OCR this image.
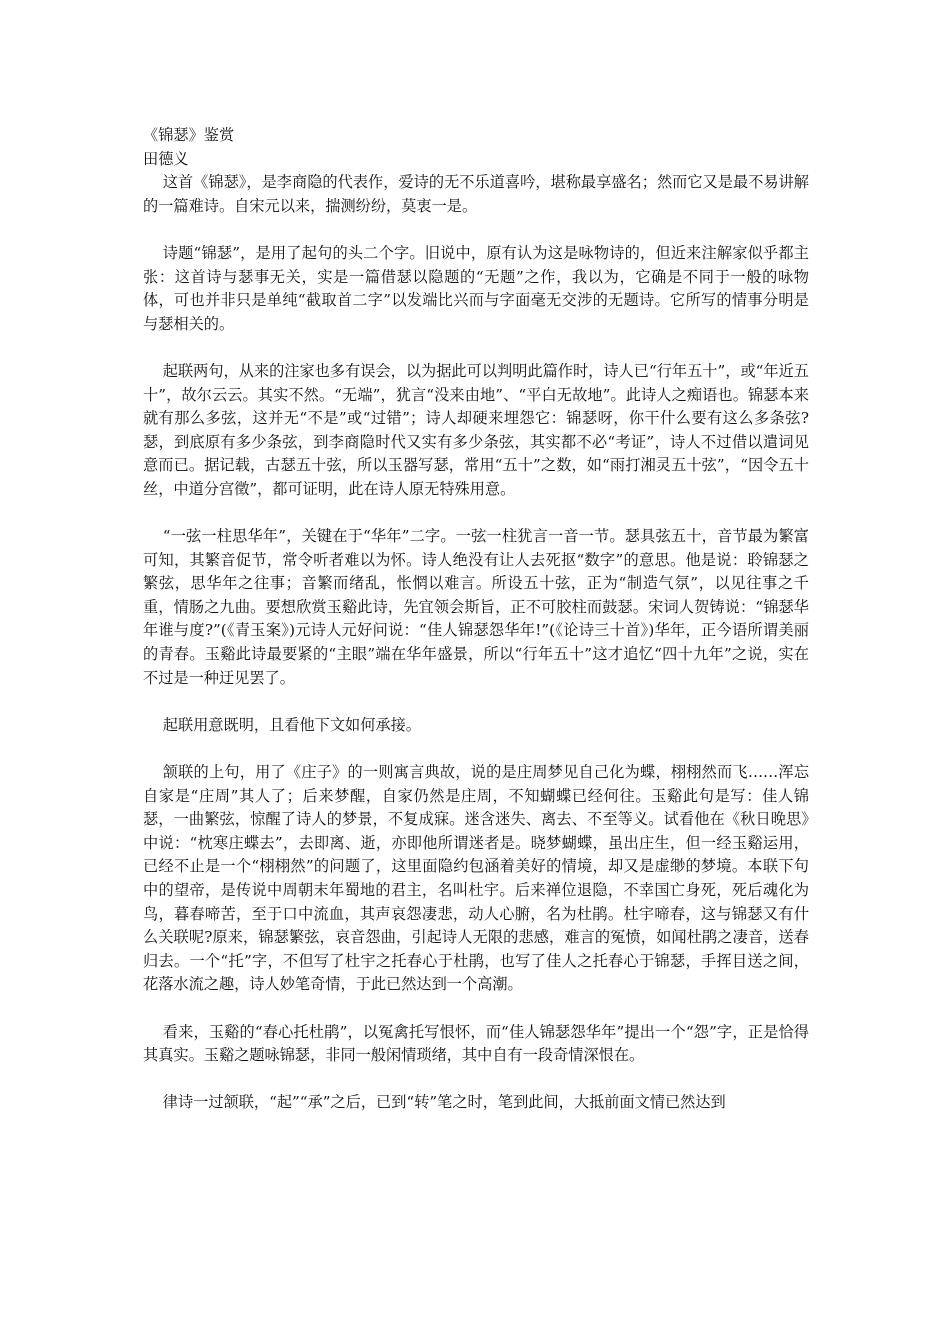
《锦瑟》鉴赏

田德义

这首《锦瑟》，是李商隐的代表作，爱诗的无不乐道喜吟，堪称最享盛名；然而它又是最不易讲解的一篇难诗。自宋元以来，揣测纷纷，莫衷一是。

诗题“锦瑟”，是用了起句的头二个字。旧说中，原有认为这是咏物诗的，但近来注解家似乎都主张：这首诗与瑟事无关，实是一篇借瑟以隐题的“无题”之作，我以为，它确是不同于一般的咏物体，可也并非只是单纯“截取首二字”以发端比兴而与字面毫无交涉的无题诗。它所写的情事分明是与瑟相关的。

起联两句，从来的注家也多有误会，以为据此可以判明此篇作时，诗人已“行年五十”，或“年近五十”，故尔云云。其实不然。“无端”，犹言“没来由地”、“平白无故地”。此诗人之痴语也。锦瑟本来就有那么多弦，这并无“不是”或“过错”；诗人却硬来埋怨它：锦瑟呀，你干什么要有这么多条弦?瑟，到底原有多少条弦，到李商隐时代又实有多少条弦，其实都不必“考证”，诗人不过借以遣词见意而已。据记载，古瑟五十弦，所以玉器写瑟，常用“五十”之数，如“雨打湘灵五十弦”，“因令五十丝，中道分宫徵”，都可证明，此在诗人原无特殊用意。

“一弦一柱思华年”，关键在于“华年”二字。一弦一柱犹言一音一节。瑟具弦五十，音节最为繁富可知，其繁音促节，常令听者难以为怀。诗人绝没有让人去死抠“数字”的意思。他是说：聆锦瑟之繁弦，思华年之往事；音繁而绪乱，怅惘以难言。所设五十弦，正为“制造气氛”，以见往事之千重，情肠之九曲。要想欣赏玉谿此诗，先宜领会斯旨，正不可胶柱而鼓瑟。宋词人贺铸说：“锦瑟华年谁与度?”(《青玉案》)元诗人元好问说：“佳人锦瑟怨华年!”(《论诗三十首》)华年，正今语所谓美丽的青春。玉谿此诗最要紧的“主眼”端在华年盛景，所以“行年五十”这才追忆“四十九年”之说，实在不过是一种迂见罢了。

起联用意既明，且看他下文如何承接。

颔联的上句，用了《庄子》的一则寓言典故，说的是庄周梦见自己化为蝶，栩栩然而飞……浑忘自家是“庄周”其人了；后来梦醒，自家仍然是庄周，不知蝴蝶已经何往。玉谿此句是写：佳人锦瑟，一曲繁弦，惊醒了诗人的梦景，不复成寐。迷含迷失、离去、不至等义。试看他在《秋日晚思》中说：“枕寒庄蝶去”，去即离、逝，亦即他所谓迷者是。晓梦蝴蝶，虽出庄生，但一经玉谿运用，已经不止是一个“栩栩然”的问题了，这里面隐约包涵着美好的情境，却又是虚缈的梦境。本联下句中的望帝，是传说中周朝末年蜀地的君主，名叫杜宇。后来禅位退隐，不幸国亡身死，死后魂化为鸟，暮春啼苦，至于口中流血，其声哀怨凄悲，动人心腑，名为杜鹃。杜宇啼春，这与锦瑟又有什么关联呢?原来，锦瑟繁弦，哀音怨曲，引起诗人无限的悲感，难言的冤愤，如闻杜鹃之凄音，送春归去。一个“托”字，不但写了杜宇之托春心于杜鹃，也写了佳人之托春心于锦瑟，手挥目送之间，花落水流之趣，诗人妙笔奇情，于此已然达到一个高潮。

看来，玉谿的“春心托杜鹃”，以冤禽托写恨怀，而“佳人锦瑟怨华年”提出一个“怨”字，正是恰得其真实。玉谿之题咏锦瑟，非同一般闲情琐绪，其中自有一段奇情深恨在。

律诗一过颔联，“起”“承”之后，已到“转”笔之时，笔到此间，大抵前面文情已然达到
